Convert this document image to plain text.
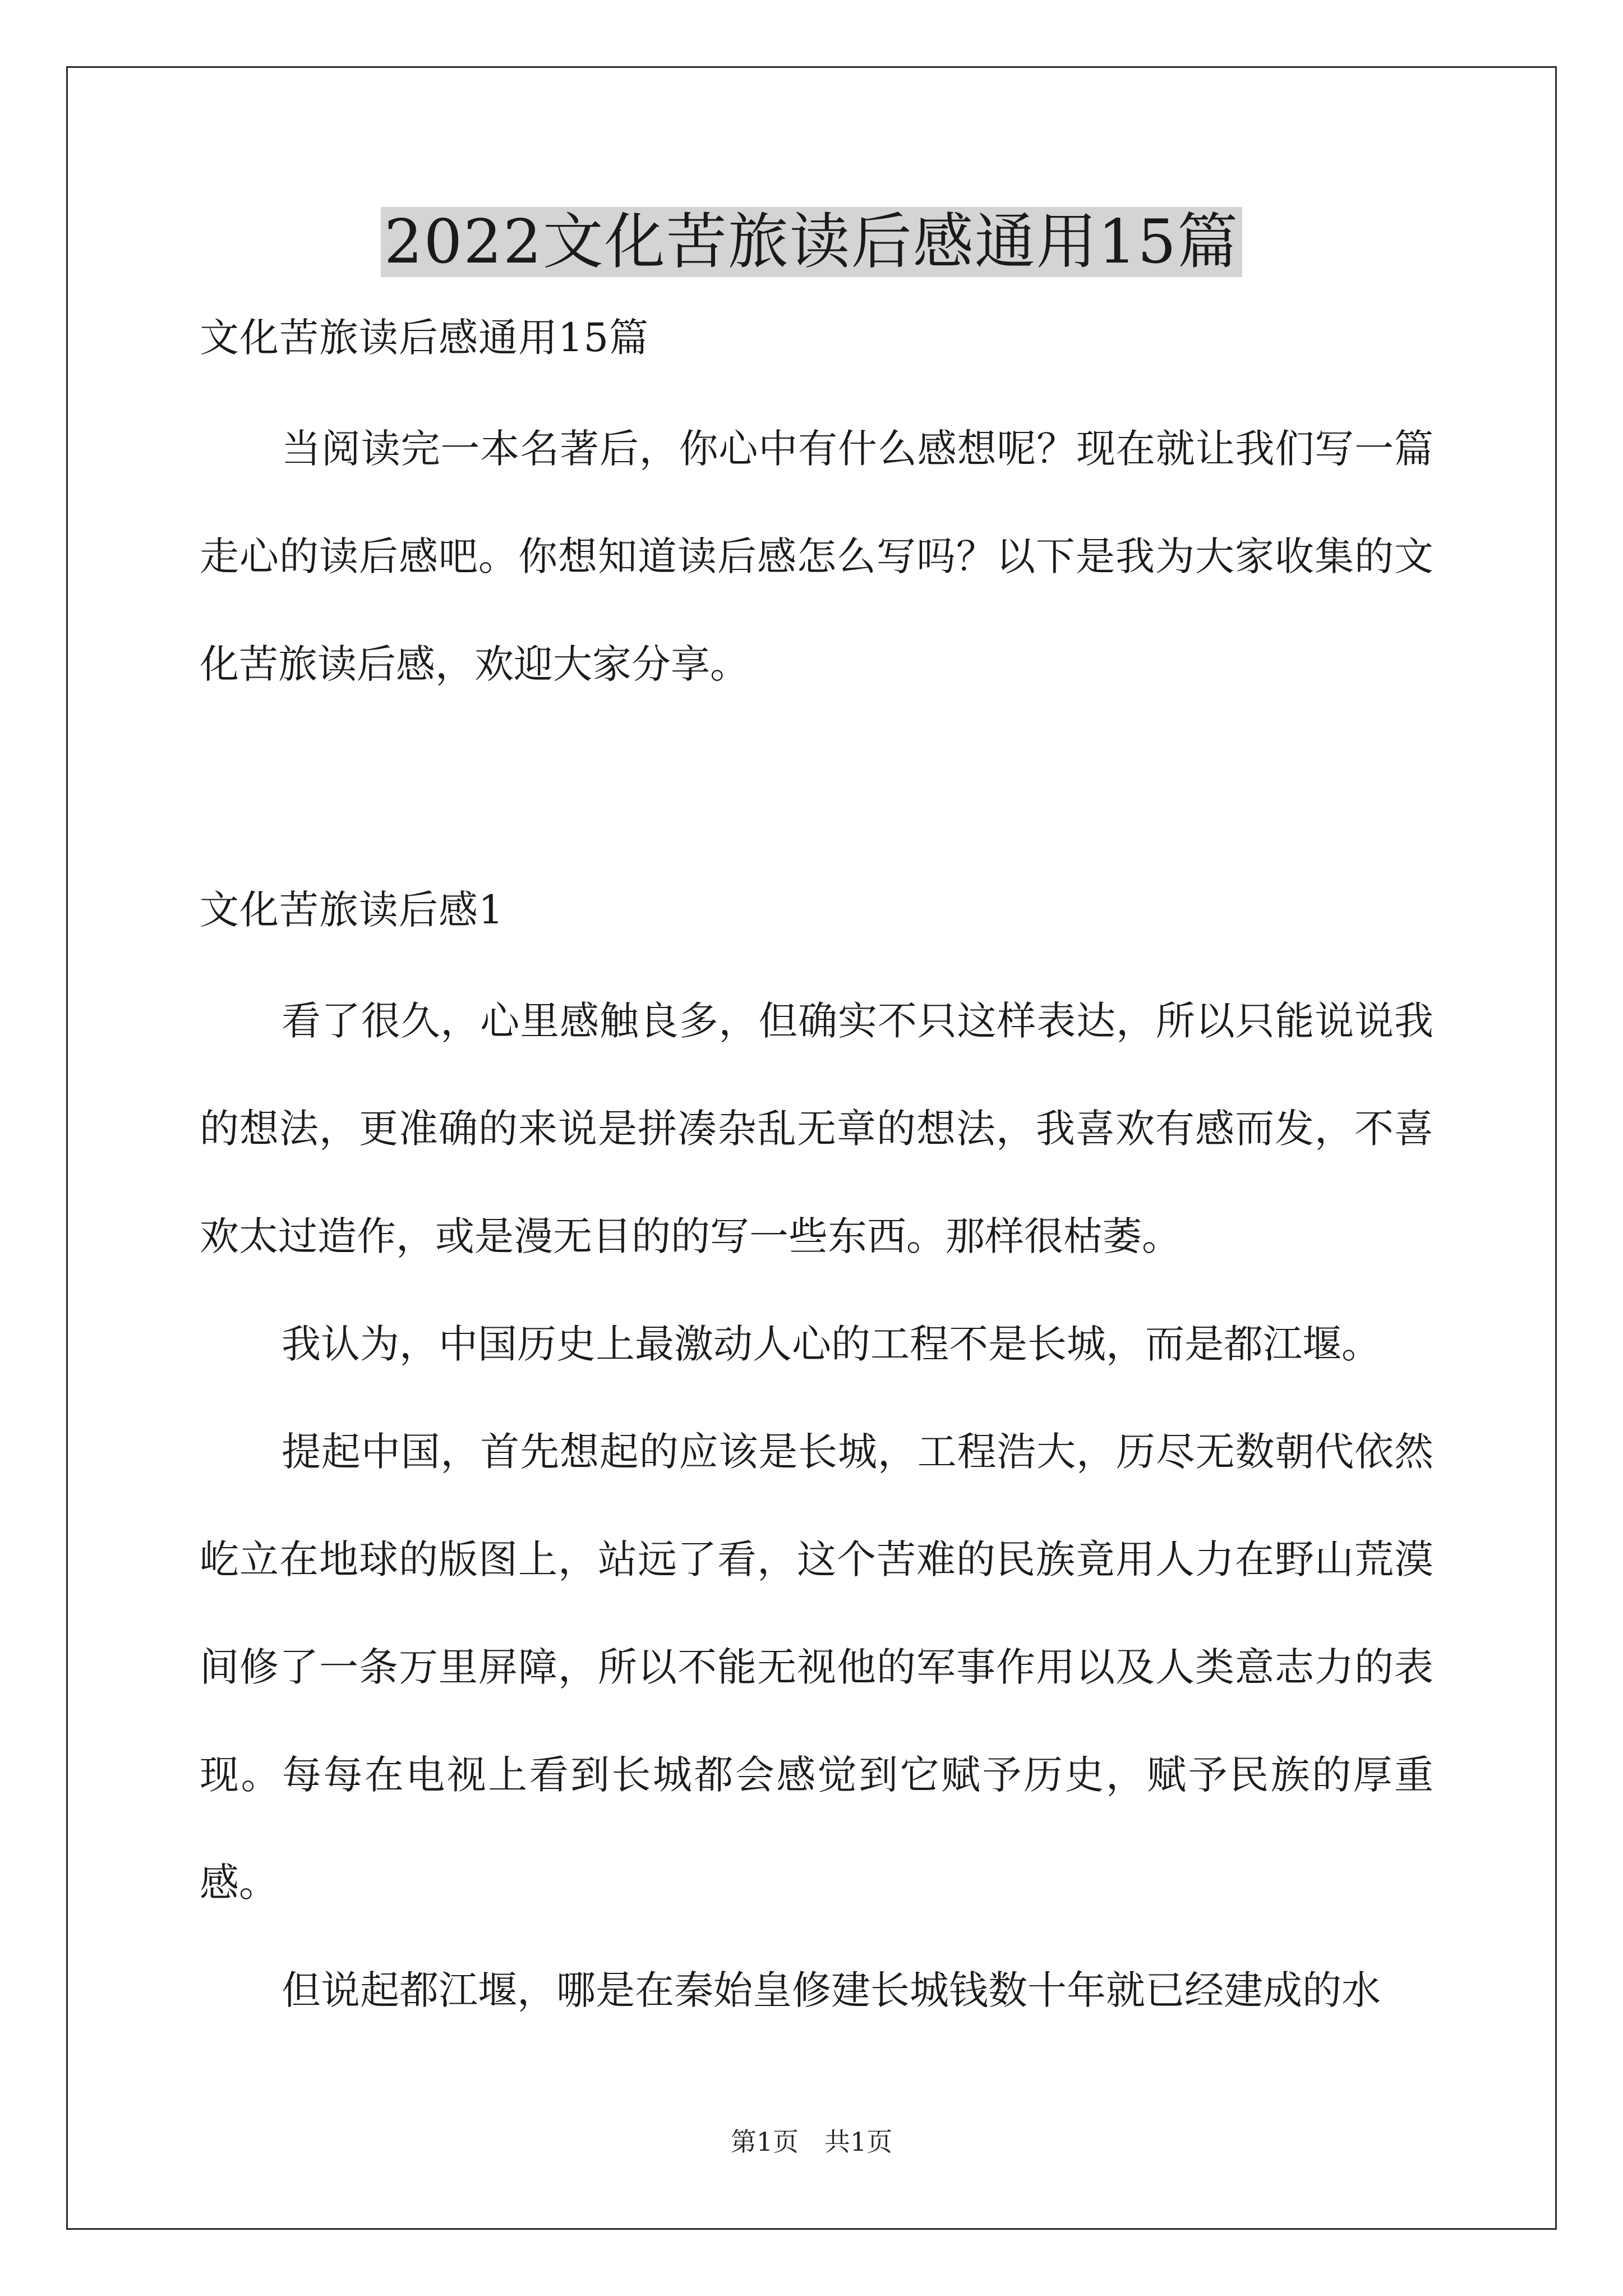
2022文化苦旅读后感通用15篇
文化苦旅读后感通用15篇
当阅读完一本名著后，你心中有什么感想呢？现在就让我们写一篇走心的读后感吧。你想知道读后感怎么写吗？以下是我为大家收集的文化苦旅读后感，欢迎大家分享。
文化苦旅读后感1
看了很久，心里感触良多，但确实不只这样表达，所以只能说说我的想法，更准确的来说是拼凑杂乱无章的想法，我喜欢有感而发，不喜欢太过造作，或是漫无目的的写一些东西。那样很枯萎。
我认为，中国历史上最激动人心的工程不是长城，而是都江堰。
提起中国，首先想起的应该是长城，工程浩大，历尽无数朝代依然屹立在地球的版图上，站远了看，这个苦难的民族竟用人力在野山荒漠间修了一条万里屏障，所以不能无视他的军事作用以及人类意志力的表现。每每在电视上看到长城都会感觉到它赋予历史，赋予民族的厚重感。
但说起都江堰，哪是在秦始皇修建长城钱数十年就已经建成的水
第1页　共1页
